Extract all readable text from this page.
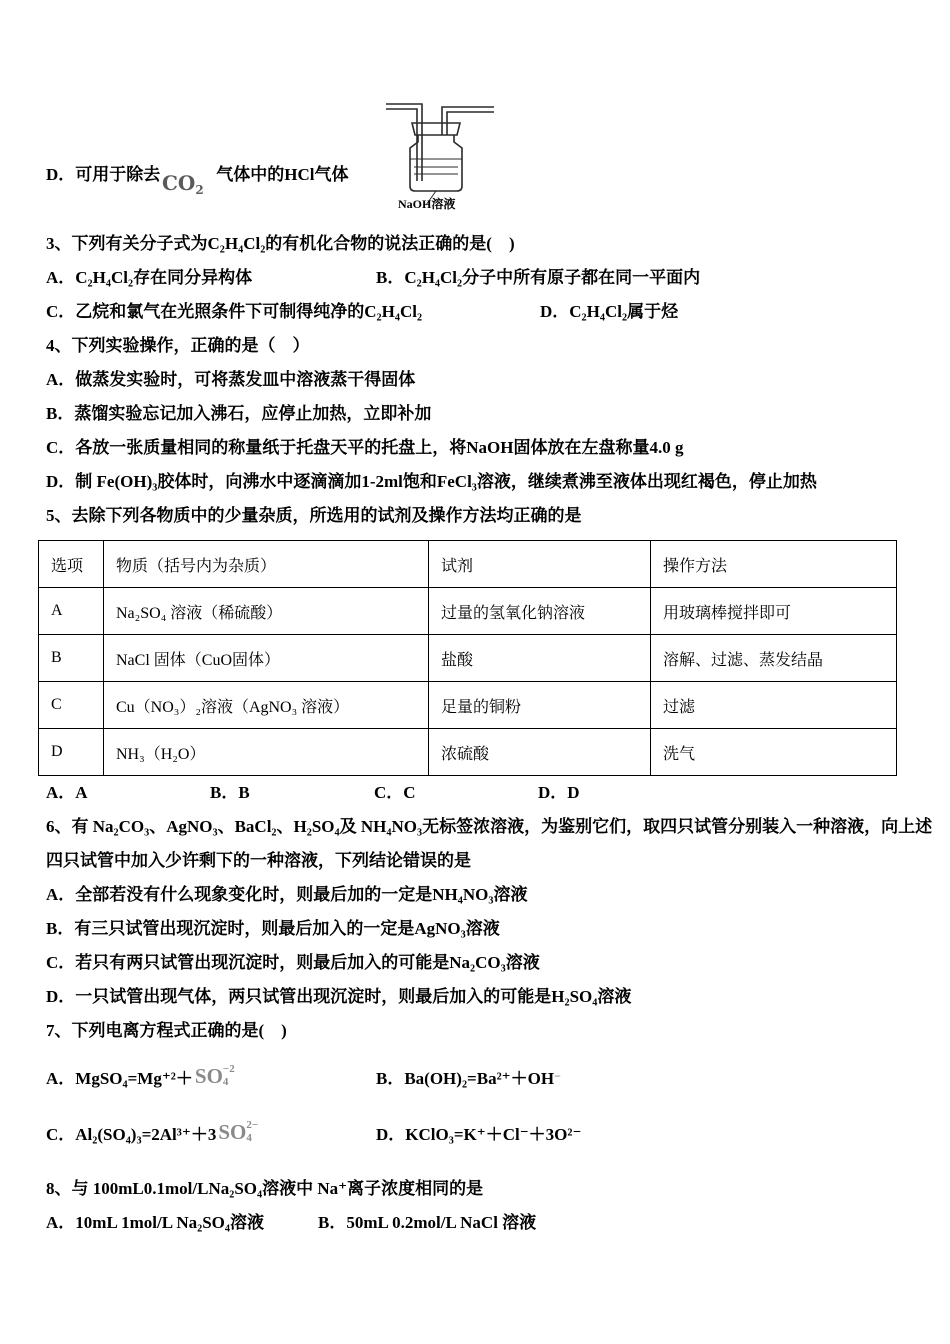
NaOH溶液

D．可用于除去	气体中的HCl气体

$CO_2$

3、下列有关分子式为C₂H₄Cl₂的有机化合物的说法正确的是(　)

A．C₂H₄Cl₂存在同分异构体	B．C₂H₄Cl₂分子中所有原子都在同一平面内
C．乙烷和氯气在光照条件下可制得纯净的C₂H₄Cl₂	D．C₂H₄Cl₂属于烃

4、下列实验操作，正确的是（　）

A．做蒸发实验时，可将蒸发皿中溶液蒸干得固体

B．蒸馏实验忘记加入沸石，应停止加热，立即补加

C．各放一张质量相同的称量纸于托盘天平的托盘上，将NaOH固体放在左盘称量4.0 g

D．制 Fe(OH)₃胶体时，向沸水中逐滴滴加1-2ml饱和FeCl₃溶液，继续煮沸至液体出现红褐色，停止加热

5、去除下列各物质中的少量杂质，所选用的试剂及操作方法均正确的是

选项	物质（括号内为杂质）	试剂	操作方法
A	Na₂SO₄ 溶液（稀硫酸）	过量的氢氧化钠溶液	用玻璃棒搅拌即可
B	NaCl 固体（CuO固体）	盐酸	溶解、过滤、蒸发结晶
C	Cu（NO₃）₂溶液（AgNO₃ 溶液）	足量的铜粉	过滤
D	NH₃（H₂O）	浓硫酸	洗气
A．A	B．B	C．C	D．D

6、有 Na₂CO₃、AgNO₃、BaCl₂、H₂SO₄及 NH₄NO₃无标签浓溶液，为鉴别它们，取四只试管分别装入一种溶液，向上述

四只试管中加入少许剩下的一种溶液，下列结论错误的是

A．全部若没有什么现象变化时，则最后加的一定是NH₄NO₃溶液

B．有三只试管出现沉淀时，则最后加入的一定是AgNO₃溶液

C．若只有两只试管出现沉淀时，则最后加入的可能是Na₂CO₃溶液

D．一只试管出现气体，两只试管出现沉淀时，则最后加入的可能是H₂SO₄溶液

7、下列电离方程式正确的是(　)

A．MgSO₄=Mg⁺²＋ SO −2
4	B．Ba(OH)₂=Ba²⁺＋OH −
C．Al₂(SO₄)₃=2Al³⁺＋3 SO 2−
4	D．KClO₃=K⁺＋Cl⁻＋3O²⁻

8、与 100mL0.1mol/LNa₂SO₄溶液中 Na⁺离子浓度相同的是

A．10mL 1mol/L Na₂SO₄溶液	B．50mL 0.2mol/L NaCl 溶液
